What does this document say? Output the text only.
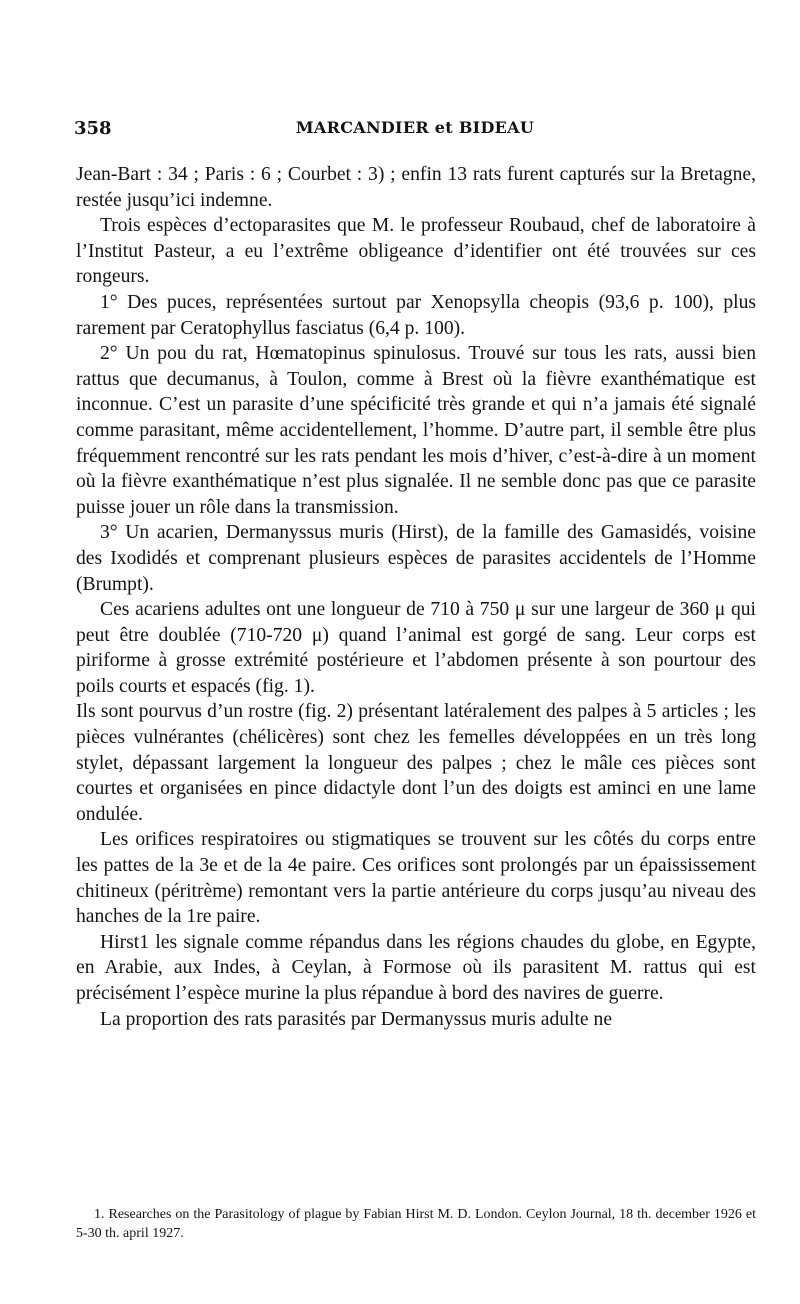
358	MARCANDIER et BIDEAU

Jean-Bart : 34 ; Paris : 6 ; Courbet : 3) ; enfin 13 rats furent capturés sur la Bretagne, restée jusqu’ici indemne.

Trois espèces d’ectoparasites que M. le professeur Roubaud, chef de laboratoire à l’Institut Pasteur, a eu l’extrême obligeance d’identifier ont été trouvées sur ces rongeurs.

1° Des puces, représentées surtout par Xenopsylla cheopis (93,6 p. 100), plus rarement par Ceratophyllus fasciatus (6,4 p. 100).

2° Un pou du rat, Hœmatopinus spinulosus. Trouvé sur tous les rats, aussi bien rattus que decumanus, à Toulon, comme à Brest où la fièvre exanthématique est inconnue. C’est un parasite d’une spécificité très grande et qui n’a jamais été signalé comme parasitant, même accidentellement, l’homme. D’autre part, il semble être plus fréquemment rencontré sur les rats pendant les mois d’hiver, c’est-à-dire à un moment où la fièvre exanthématique n’est plus signalée. Il ne semble donc pas que ce parasite puisse jouer un rôle dans la transmission.

3° Un acarien, Dermanyssus muris (Hirst), de la famille des Gamasidés, voisine des Ixodidés et comprenant plusieurs espèces de parasites accidentels de l’Homme (Brumpt).

Ces acariens adultes ont une longueur de 710 à 750 μ sur une largeur de 360 μ qui peut être doublée (710-720 μ) quand l’animal est gorgé de sang. Leur corps est piriforme à grosse extrémité postérieure et l’abdomen présente à son pourtour des poils courts et espacés (fig. 1).

Ils sont pourvus d’un rostre (fig. 2) présentant latéralement des palpes à 5 articles ; les pièces vulnérantes (chélicères) sont chez les femelles développées en un très long stylet, dépassant largement la longueur des palpes ; chez le mâle ces pièces sont courtes et organisées en pince didactyle dont l’un des doigts est aminci en une lame ondulée.

Les orifices respiratoires ou stigmatiques se trouvent sur les côtés du corps entre les pattes de la 3e et de la 4e paire. Ces orifices sont prolongés par un épaississement chitineux (péritrème) remontant vers la partie antérieure du corps jusqu’au niveau des hanches de la 1re paire.

Hirst1 les signale comme répandus dans les régions chaudes du globe, en Egypte, en Arabie, aux Indes, à Ceylan, à Formose où ils parasitent M. rattus qui est précisément l’espèce murine la plus répandue à bord des navires de guerre.

La proportion des rats parasités par Dermanyssus muris adulte ne

1. Researches on the Parasitology of plague by Fabian Hirst M. D. London. Ceylon Journal, 18 th. december 1926 et 5-30 th. april 1927.
